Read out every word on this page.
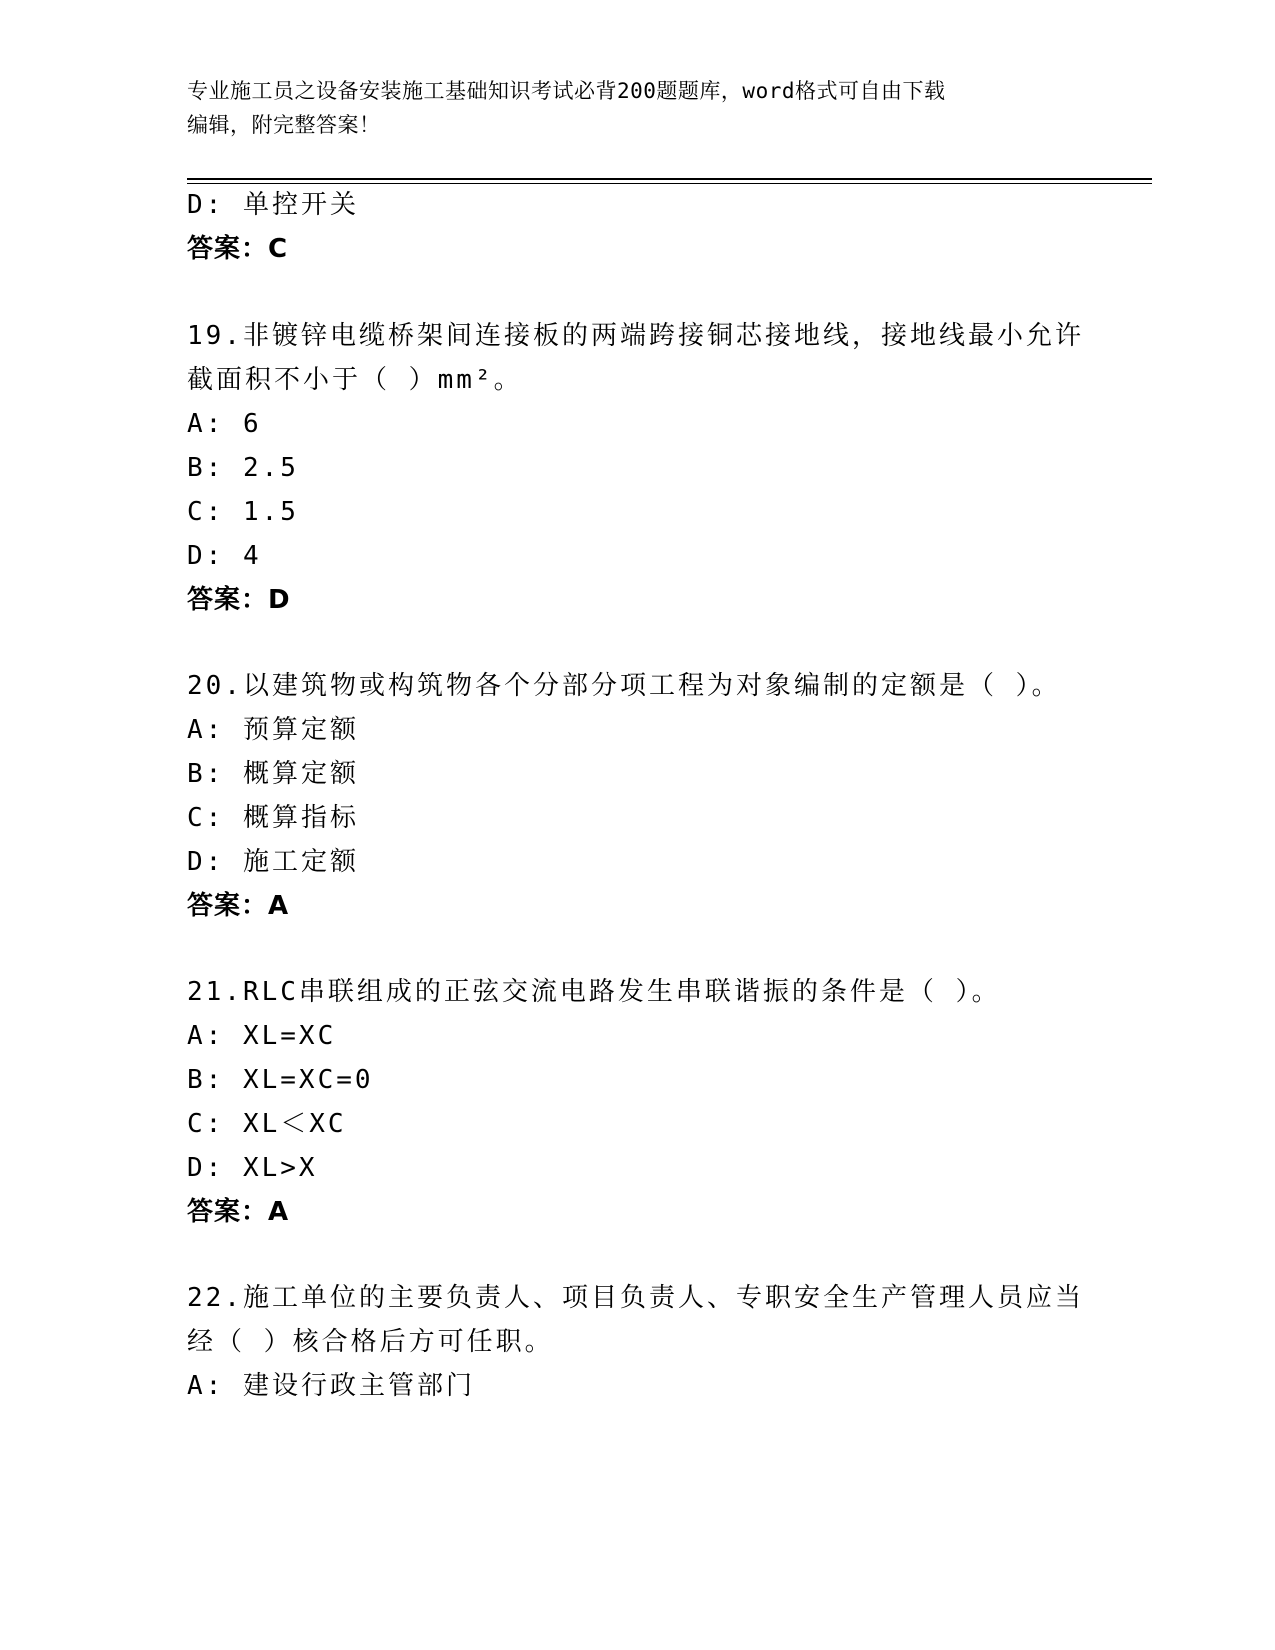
专业施工员之设备安装施工基础知识考试必背200题题库，word格式可自由下载
编辑，附完整答案！
D: 单控开关
答案：C
19.非镀锌电缆桥架间连接板的两端跨接铜芯接地线，接地线最小允许
截面积不小于（ ）mm²。
A: 6
B: 2.5
C: 1.5
D: 4
答案：D
20.以建筑物或构筑物各个分部分项工程为对象编制的定额是（ ）。
A: 预算定额
B: 概算定额
C: 概算指标
D: 施工定额
答案：A
21.RLC串联组成的正弦交流电路发生串联谐振的条件是（ ）。
A: XL=XC
B: XL=XC=0
C: XL＜XC
D: XL>X
答案：A
22.施工单位的主要负责人、项目负责人、专职安全生产管理人员应当
经（ ）核合格后方可任职。
A: 建设行政主管部门
